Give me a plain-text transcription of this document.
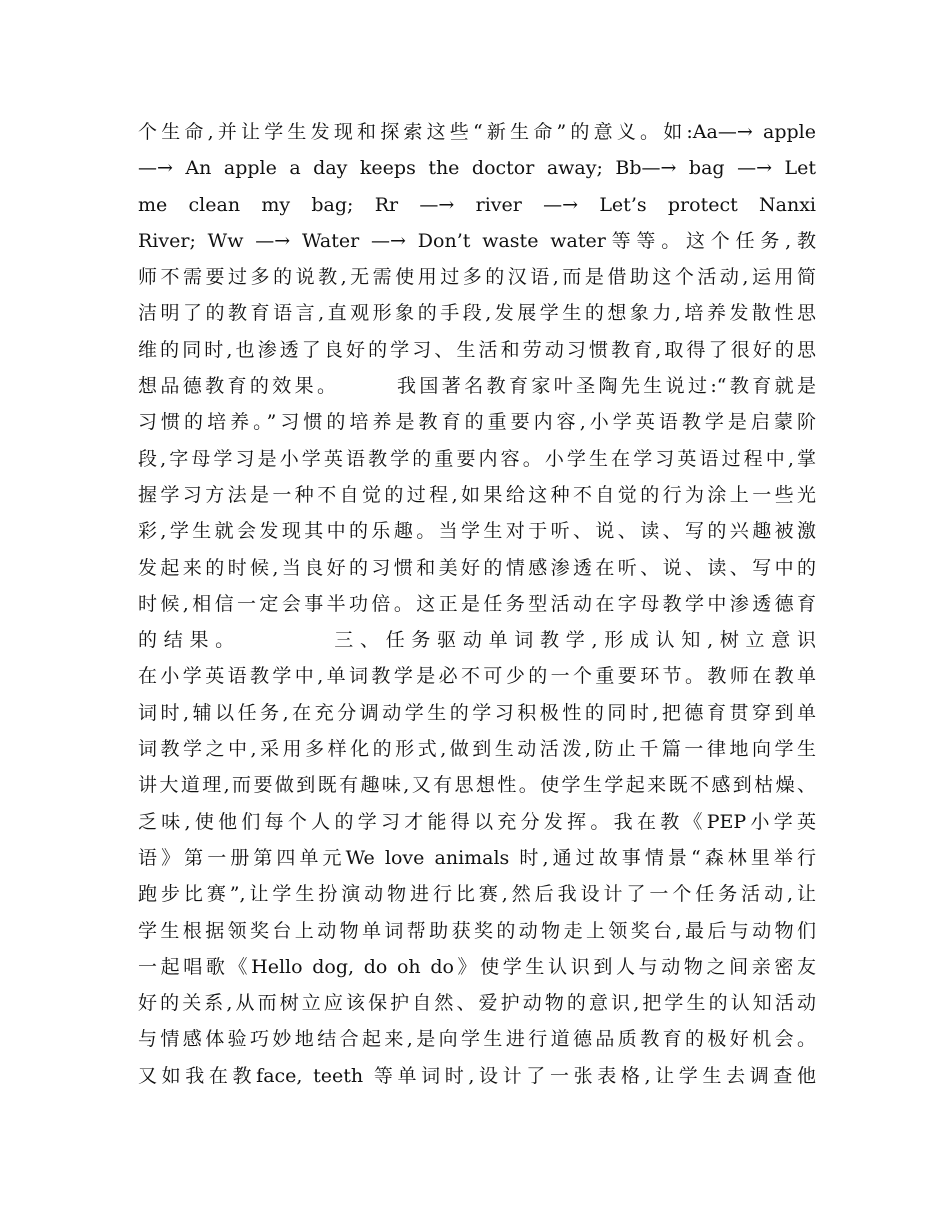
个生命,并让学生发现和探索这些“新生命”的意义。如:Aa—→ apple
—→ An apple a day keeps the doctor away; Bb—→ bag —→ Let
me clean my bag; Rr —→ river —→ Let’s protect Nanxi
River; Ww —→ Water —→ Don’t waste water等等。这个任务,教
师不需要过多的说教,无需使用过多的汉语,而是借助这个活动,运用简
洁明了的教育语言,直观形象的手段,发展学生的想象力,培养发散性思
维的同时,也渗透了良好的学习、生活和劳动习惯教育,取得了很好的思
想品德教育的效果。　　　我国著名教育家叶圣陶先生说过:“教育就是
习惯的培养。”习惯的培养是教育的重要内容,小学英语教学是启蒙阶
段,字母学习是小学英语教学的重要内容。小学生在学习英语过程中,掌
握学习方法是一种不自觉的过程,如果给这种不自觉的行为涂上一些光
彩,学生就会发现其中的乐趣。当学生对于听、说、读、写的兴趣被激
发起来的时候,当良好的习惯和美好的情感渗透在听、说、读、写中的
时候,相信一定会事半功倍。这正是任务型活动在字母教学中渗透德育
的结果。　　　　三、任务驱动单词教学,形成认知,树立意识
在小学英语教学中,单词教学是必不可少的一个重要环节。教师在教单
词时,辅以任务,在充分调动学生的学习积极性的同时,把德育贯穿到单
词教学之中,采用多样化的形式,做到生动活泼,防止千篇一律地向学生
讲大道理,而要做到既有趣味,又有思想性。使学生学起来既不感到枯燥、
乏味,使他们每个人的学习才能得以充分发挥。我在教《PEP小学英
语》第一册第四单元We love animals 时,通过故事情景“森林里举行
跑步比赛”,让学生扮演动物进行比赛,然后我设计了一个任务活动,让
学生根据领奖台上动物单词帮助获奖的动物走上领奖台,最后与动物们
一起唱歌《Hello dog, do oh do》使学生认识到人与动物之间亲密友
好的关系,从而树立应该保护自然、爱护动物的意识,把学生的认知活动
与情感体验巧妙地结合起来,是向学生进行道德品质教育的极好机会。
又如我在教face, teeth 等单词时,设计了一张表格,让学生去调查他
